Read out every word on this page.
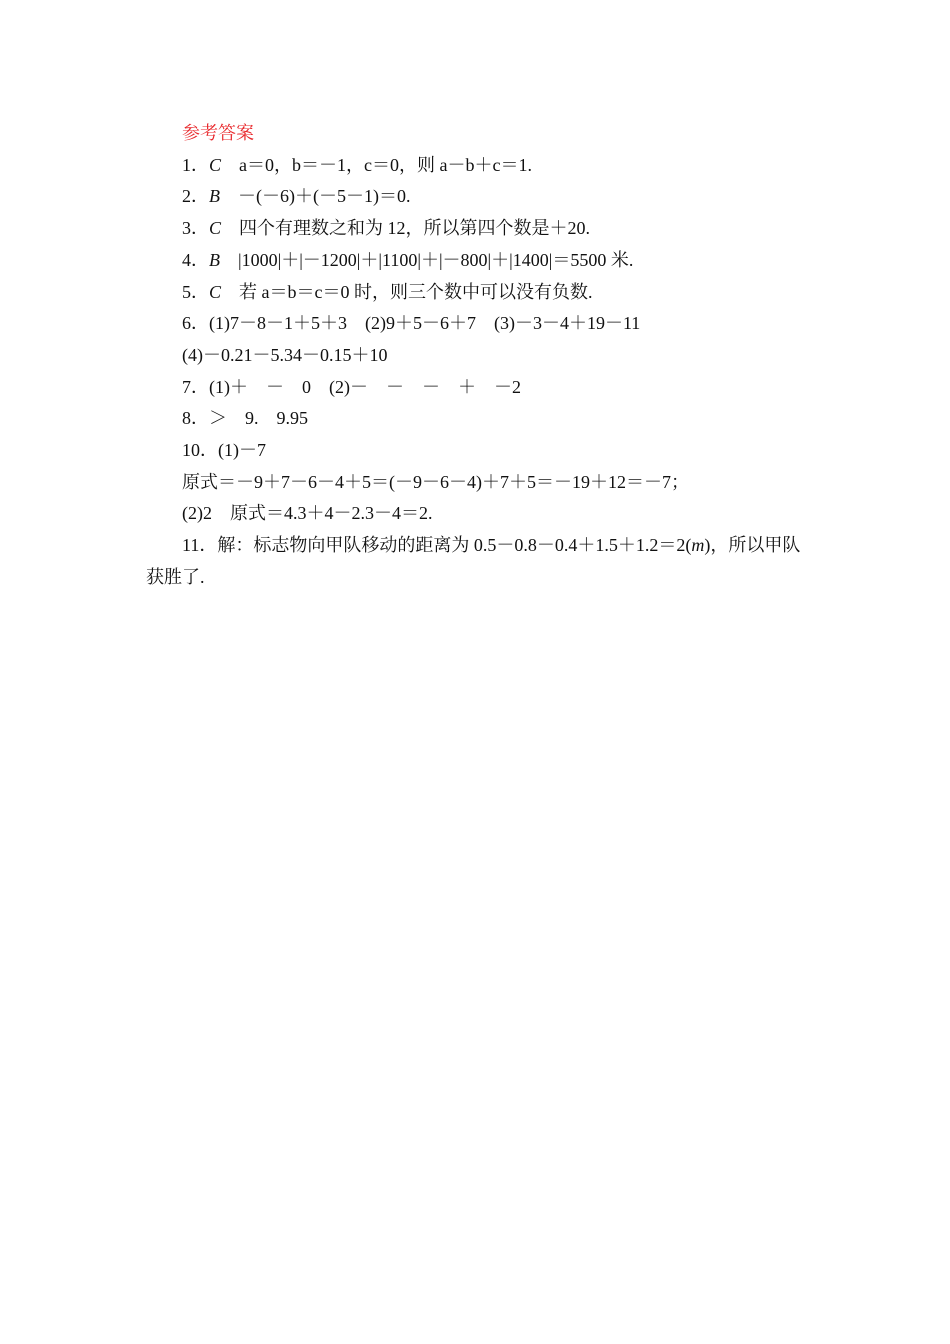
参考答案
1．C a＝0，b＝－1，c＝0，则 a－b＋c＝1.
2．B －(－6)＋(－5－1)＝0.
3．C 四个有理数之和为 12，所以第四个数是＋20.
4．B |1000|＋|－1200|＋|1100|＋|－800|＋|1400|＝5500 米.
5．C 若 a＝b＝c＝0 时，则三个数中可以没有负数.
6．(1)7－8－1＋5＋3　(2)9＋5－6＋7　(3)－3－4＋19－11
(4)－0.21－5.34－0.15＋10
7．(1)＋　－　0　(2)－　－　－　＋　－2
8．＞　9.　9.95
10．(1)－7
原式＝－9＋7－6－4＋5＝(－9－6－4)＋7＋5＝－19＋12＝－7；
(2)2　原式＝4.3＋4－2.3－4＝2.
11．解：标志物向甲队移动的距离为 0.5－0.8－0.4＋1.5＋1.2＝2(m)，所以甲队获胜了.
